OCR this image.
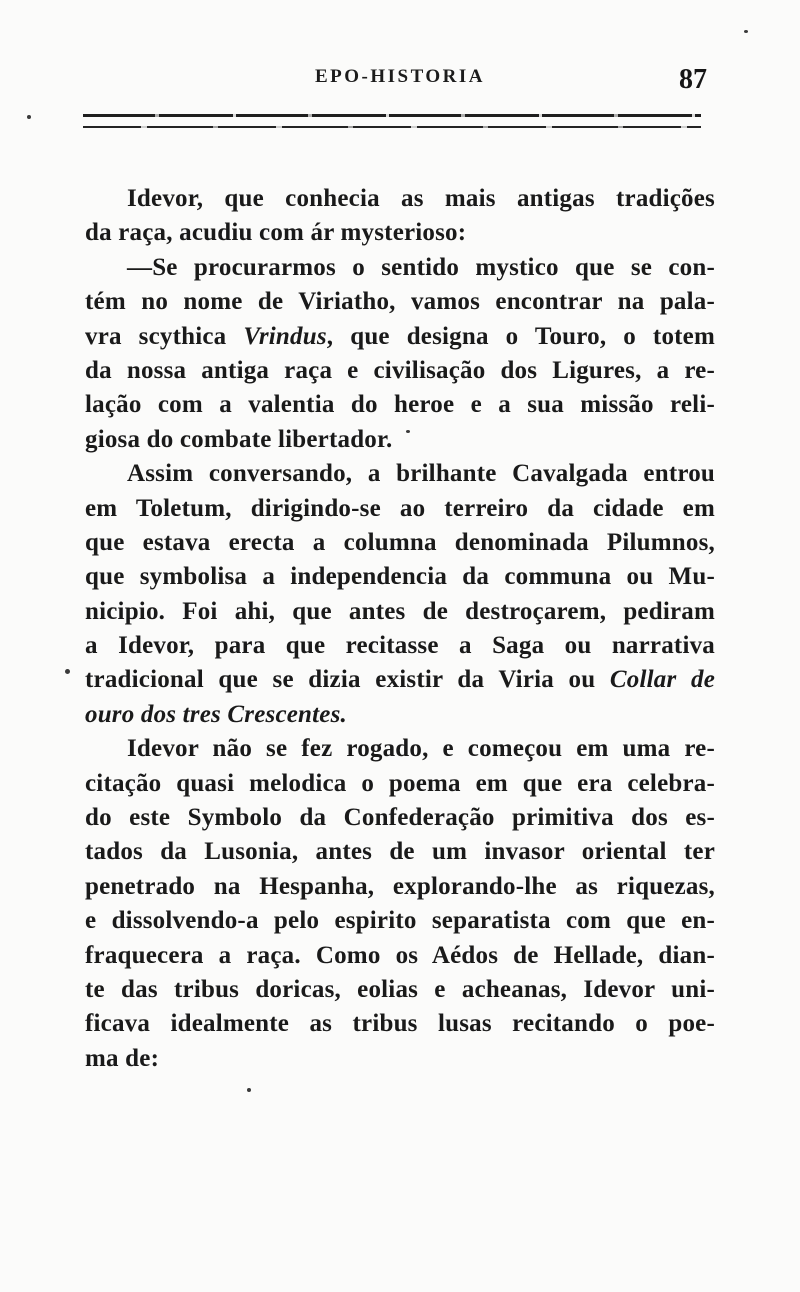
EPO-HISTORIA	87
Idevor, que conhecia as mais antigas tradições
da raça, acudiu com ár mysterioso:
—Se procurarmos o sentido mystico que se con-
tém no nome de Viriatho, vamos encontrar na pala-
vra scythica Vrindus, que designa o Touro, o totem
da nossa antiga raça e civilisação dos Ligures, a re-
lação com a valentia do heroe e a sua missão reli-
giosa do combate libertador.
Assim conversando, a brilhante Cavalgada entrou
em Toletum, dirigindo-se ao terreiro da cidade em
que estava erecta a columna denominada Pilumnos,
que symbolisa a independencia da communa ou Mu-
nicipio. Foi ahi, que antes de destroçarem, pediram
a Idevor, para que recitasse a Saga ou narrativa
tradicional que se dizia existir da Viria ou Collar de
ouro dos tres Crescentes.
Idevor não se fez rogado, e começou em uma re-
citação quasi melodica o poema em que era celebra-
do este Symbolo da Confederação primitiva dos es-
tados da Lusonia, antes de um invasor oriental ter
penetrado na Hespanha, explorando-lhe as riquezas,
e dissolvendo-a pelo espirito separatista com que en-
fraquecera a raça. Como os Aédos de Hellade, dian-
te das tribus doricas, eolias e acheanas, Idevor uni-
ficava idealmente as tribus lusas recitando o poe-
ma de:
